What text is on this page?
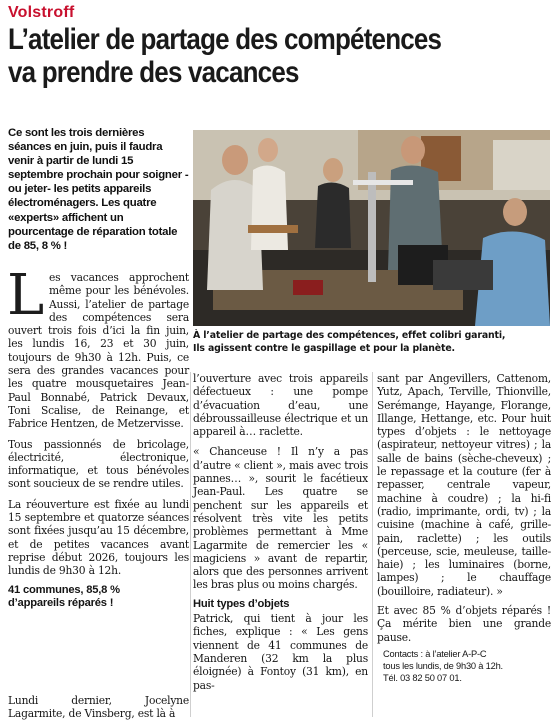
Volstroff
L’atelier de partage des compétences
va prendre des vacances
Ce sont les trois dernières séances en juin, puis il faudra venir à partir de lundi 15 septembre prochain pour soigner - ou jeter- les petits appareils électroménagers. Les quatre «experts» affichent un pourcentage de réparation totale de 85, 8 % !
À l’atelier de partage des compétences, effet colibri garanti,
Ils agissent contre le gaspillage et pour la planète.

Les vacances approchent même pour les bénévoles. Aussi, l’atelier de partage des compétences sera ouvert trois fois d’ici la fin juin, les lundis 16, 23 et 30 juin, toujours de 9h30 à 12h. Puis, ce sera des grandes vacances pour les quatre mousquetaires Jean-Paul Bonnabé, Patrick Devaux, Toni Scalise, de Reinange, et Fabrice Hentzen, de Metzervisse.

Tous passionnés de bricolage, électricité, électronique, informatique, et tous bénévoles sont soucieux de se rendre utiles.

La réouverture est fixée au lundi 15 septembre et quatorze séances sont fixées jusqu’au 15 décembre, et de petites vacances avant reprise début 2026, toujours les lundis de 9h30 à 12h.

41 communes, 85,8 %
d’appareils réparés !

Lundi dernier, Jocelyne Lagarmite, de Vinsberg, est là à

l’ouverture avec trois appareils défectueux : une pompe d’évacuation d’eau, une débroussailleuse électrique et un appareil à… raclette.

« Chanceuse ! Il n’y a pas d’autre « client », mais avec trois pannes… », sourit le facétieux Jean-Paul. Les quatre se penchent sur les appareils et résolvent très vite les petits problèmes permettant à Mme Lagarmite de remercier les « magiciens » avant de repartir, alors que des personnes arrivent les bras plus ou moins chargés.

Huit types d’objets

Patrick, qui tient à jour les fiches, explique : « Les gens viennent de 41 communes de Manderen (32 km la plus éloignée) à Fontoy (31 km), en pas-

sant par Angevillers, Cattenom, Yutz, Apach, Terville, Thionville, Serémange, Hayange, Florange, Illange, Hettange, etc. Pour huit types d’objets : le nettoyage (aspirateur, nettoyeur vitres) ; la salle de bains (sèche-cheveux) ; le repassage et la couture (fer à repasser, centrale vapeur, machine à coudre) ; la hi-fi (radio, imprimante, ordi, tv) ; la cuisine (machine à café, grille-pain, raclette) ; les outils (perceuse, scie, meuleuse, taille-haie) ; les luminaires (borne, lampes) ; le chauffage (bouilloire, radiateur). »

Et avec 85 % d’objets réparés ! Ça mérite bien une grande pause.

Contacts : à l’atelier A-P-C
tous les lundis, de 9h30 à 12h.
Tél. 03 82 50 07 01.
